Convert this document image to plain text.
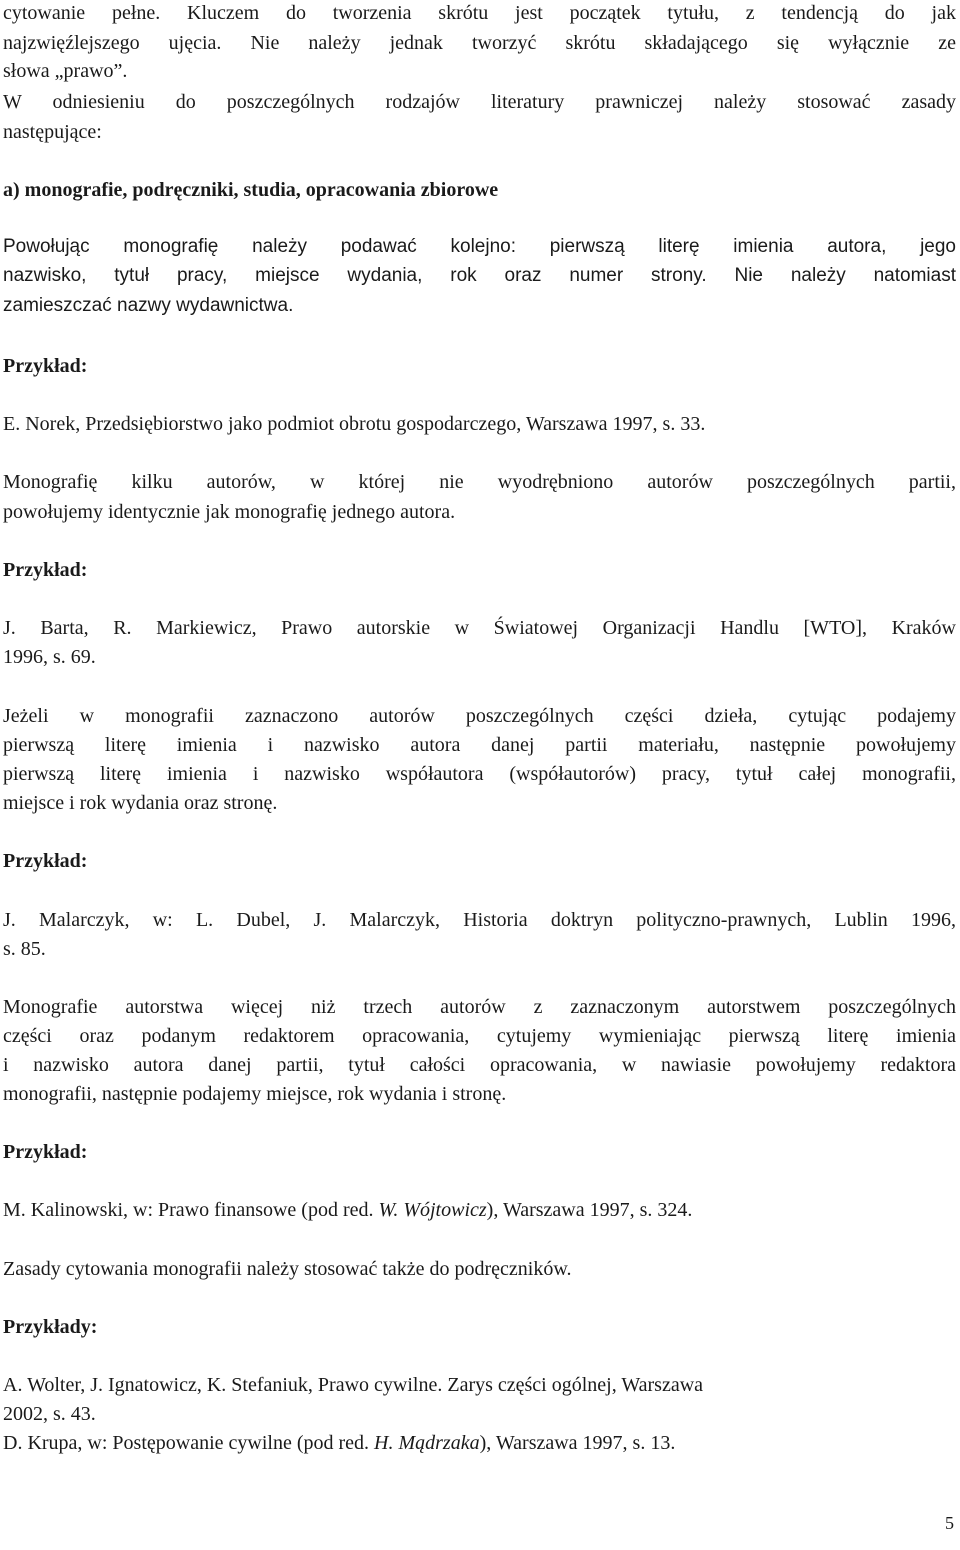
cytowanie pełne. Kluczem do tworzenia skrótu jest początek tytułu, z tendencją do jak
najzwięźlejszego ujęcia. Nie należy jednak tworzyć skrótu składającego się wyłącznie ze
słowa „prawo”.
W odniesieniu do poszczególnych rodzajów literatury prawniczej należy stosować zasady
następujące:
a) monografie, podręczniki, studia, opracowania zbiorowe
Powołując monografię należy podawać kolejno: pierwszą literę imienia autora, jego
nazwisko, tytuł pracy, miejsce wydania, rok oraz numer strony. Nie należy natomiast
zamieszczać nazwy wydawnictwa.
Przykład:
E. Norek, Przedsiębiorstwo jako podmiot obrotu gospodarczego, Warszawa 1997, s. 33.
Monografię kilku autorów, w której nie wyodrębniono autorów poszczególnych partii,
powołujemy identycznie jak monografię jednego autora.
Przykład:
J. Barta, R. Markiewicz, Prawo autorskie w Światowej Organizacji Handlu [WTO], Kraków
1996, s. 69.
Jeżeli w monografii zaznaczono autorów poszczególnych części dzieła, cytując podajemy
pierwszą literę imienia i nazwisko autora danej partii materiału, następnie powołujemy
pierwszą literę imienia i nazwisko współautora (współautorów) pracy, tytuł całej monografii,
miejsce i rok wydania oraz stronę.
Przykład:
J. Malarczyk, w: L. Dubel, J. Malarczyk, Historia doktryn polityczno-prawnych, Lublin 1996,
s. 85.
Monografie autorstwa więcej niż trzech autorów z zaznaczonym autorstwem poszczególnych
części oraz podanym redaktorem opracowania, cytujemy wymieniając pierwszą literę imienia
i nazwisko autora danej partii, tytuł całości opracowania, w nawiasie powołujemy redaktora
monografii, następnie podajemy miejsce, rok wydania i stronę.
Przykład:
M. Kalinowski, w: Prawo finansowe (pod red. W. Wójtowicz), Warszawa 1997, s. 324.
Zasady cytowania monografii należy stosować także do podręczników.
Przykłady:
A. Wolter, J. Ignatowicz, K. Stefaniuk, Prawo cywilne. Zarys części ogólnej, Warszawa
2002, s. 43.
D. Krupa, w: Postępowanie cywilne (pod red. H. Mądrzaka), Warszawa 1997, s. 13.
5
